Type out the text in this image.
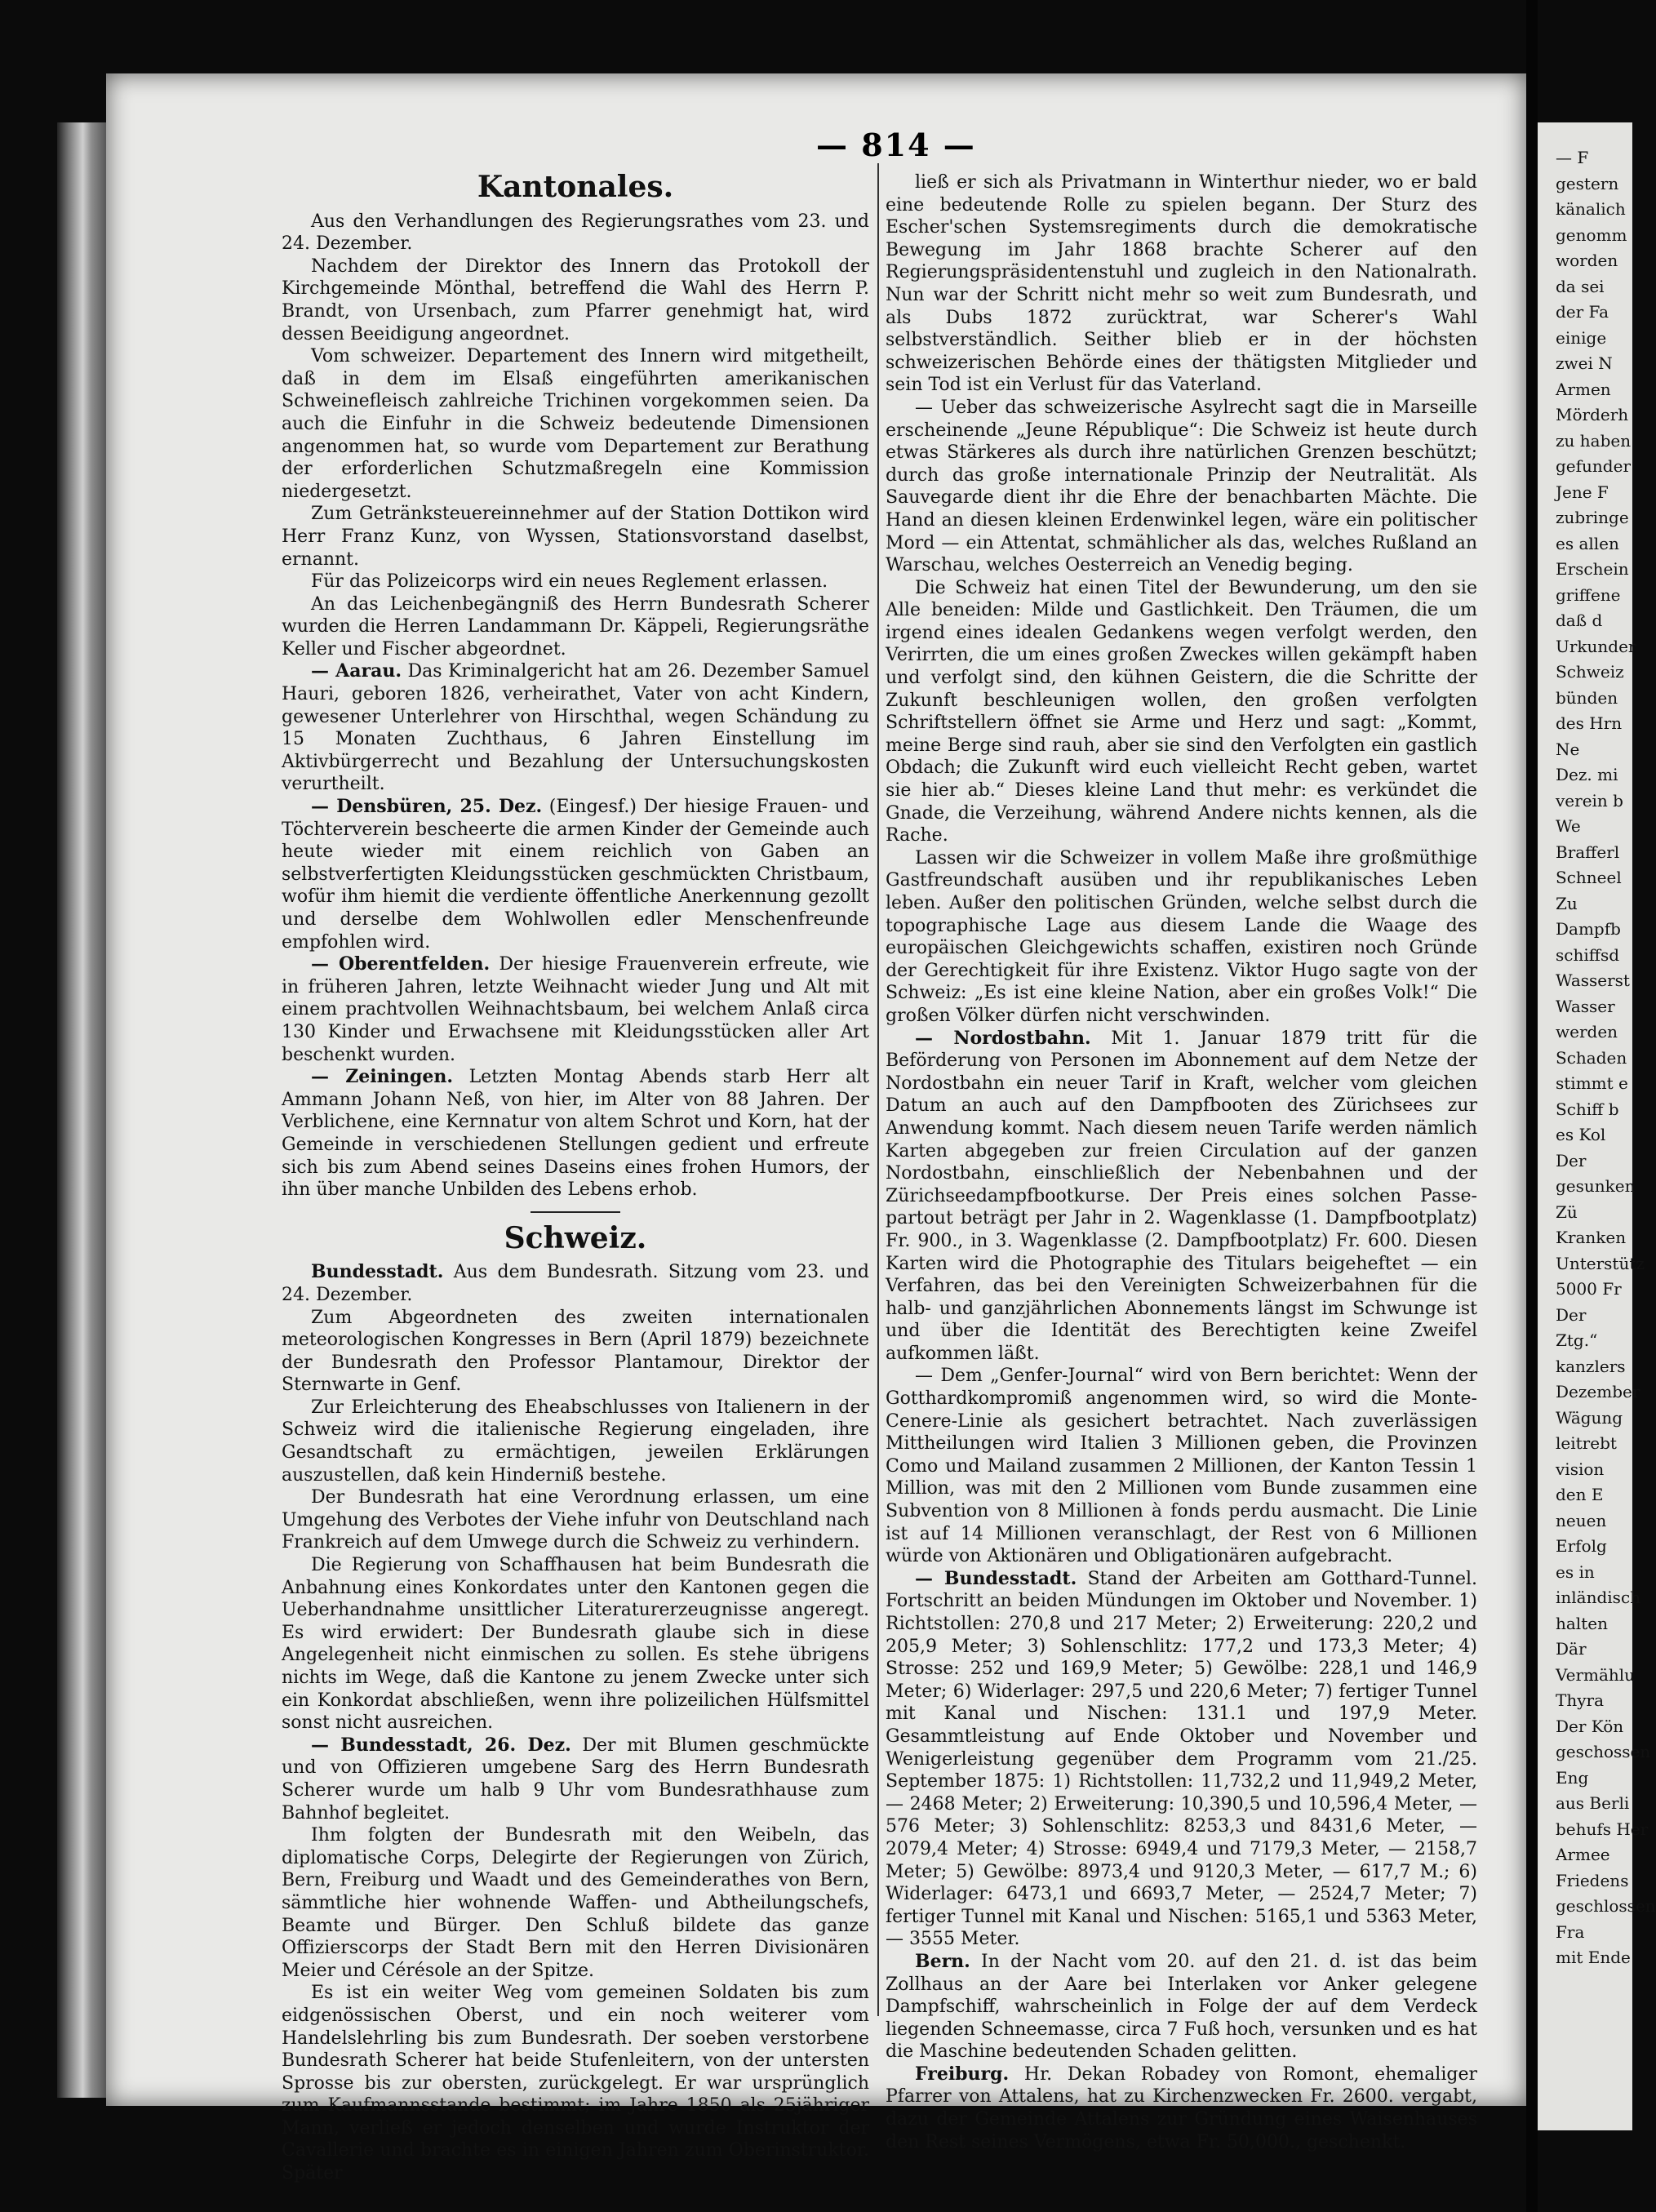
— 814 —
Kantonales.

Aus den Verhandlungen des Regierungsrathes vom 23. und 24. Dezember.

Nachdem der Direktor des Innern das Protokoll der Kirchgemeinde Mönthal, betreffend die Wahl des Herrn P. Brandt, von Ursenbach, zum Pfarrer genehmigt hat, wird dessen Beeidigung angeordnet.

Vom schweizer. Departement des Innern wird mitgetheilt, daß in dem im Elsaß eingeführten amerikanischen Schweinefleisch zahlreiche Trichinen vorgekommen seien. Da auch die Einfuhr in die Schweiz bedeutende Dimensionen angenommen hat, so wurde vom Departement zur Berathung der erforderlichen Schutzmaßregeln eine Kommission niedergesetzt.

Zum Getränksteuereinnehmer auf der Station Dottikon wird Herr Franz Kunz, von Wyssen, Stationsvorstand daselbst, ernannt.

Für das Polizeicorps wird ein neues Reglement erlassen.

An das Leichenbegängniß des Herrn Bundesrath Scherer wurden die Herren Landammann Dr. Käppeli, Regierungsräthe Keller und Fischer abgeordnet.

— Aarau. Das Kriminalgericht hat am 26. Dezember Samuel Hauri, geboren 1826, verheirathet, Vater von acht Kindern, gewesener Unterlehrer von Hirschthal, wegen Schändung zu 15 Monaten Zuchthaus, 6 Jahren Einstellung im Aktivbürgerrecht und Bezahlung der Untersuchungskosten verurtheilt.

— Densbüren, 25. Dez. (Eingesf.) Der hiesige Frauen- und Töchterverein bescheerte die armen Kinder der Gemeinde auch heute wieder mit einem reichlich von Gaben an selbstverfertigten Kleidungsstücken geschmückten Christbaum, wofür ihm hiemit die verdiente öffentliche Anerkennung gezollt und derselbe dem Wohlwollen edler Menschenfreunde empfohlen wird.

— Oberentfelden. Der hiesige Frauenverein erfreute, wie in früheren Jahren, letzte Weihnacht wieder Jung und Alt mit einem prachtvollen Weihnachtsbaum, bei welchem Anlaß circa 130 Kinder und Erwachsene mit Kleidungsstücken aller Art beschenkt wurden.

— Zeiningen. Letzten Montag Abends starb Herr alt Ammann Johann Neß, von hier, im Alter von 88 Jahren. Der Verblichene, eine Kernnatur von altem Schrot und Korn, hat der Gemeinde in verschiedenen Stellungen gedient und erfreute sich bis zum Abend seines Daseins eines frohen Humors, der ihn über manche Unbilden des Lebens erhob.

Schweiz.

Bundesstadt. Aus dem Bundesrath. Sitzung vom 23. und 24. Dezember.

Zum Abgeordneten des zweiten internationalen meteorologischen Kongresses in Bern (April 1879) bezeichnete der Bundesrath den Professor Plantamour, Direktor der Sternwarte in Genf.

Zur Erleichterung des Eheabschlusses von Italienern in der Schweiz wird die italienische Regierung eingeladen, ihre Gesandtschaft zu ermächtigen, jeweilen Erklärungen auszustellen, daß kein Hinderniß bestehe.

Der Bundesrath hat eine Verordnung erlassen, um eine Umgehung des Verbotes der Viehe infuhr von Deutschland nach Frankreich auf dem Umwege durch die Schweiz zu verhindern.

Die Regierung von Schaffhausen hat beim Bundesrath die Anbahnung eines Konkordates unter den Kantonen gegen die Ueberhandnahme unsittlicher Literaturerzeugnisse angeregt. Es wird erwidert: Der Bundesrath glaube sich in diese Angelegenheit nicht einmischen zu sollen. Es stehe übrigens nichts im Wege, daß die Kantone zu jenem Zwecke unter sich ein Konkordat abschließen, wenn ihre polizeilichen Hülfsmittel sonst nicht ausreichen.

— Bundesstadt, 26. Dez. Der mit Blumen geschmückte und von Offizieren umgebene Sarg des Herrn Bundesrath Scherer wurde um halb 9 Uhr vom Bundesrathhause zum Bahnhof begleitet.

Ihm folgten der Bundesrath mit den Weibeln, das diplomatische Corps, Delegirte der Regierungen von Zürich, Bern, Freiburg und Waadt und des Gemeinderathes von Bern, sämmtliche hier wohnende Waffen- und Abtheilungschefs, Beamte und Bürger. Den Schluß bildete das ganze Offizierscorps der Stadt Bern mit den Herren Divisionären Meier und Cérésole an der Spitze.

Es ist ein weiter Weg vom gemeinen Soldaten bis zum eidgenössischen Oberst, und ein noch weiterer vom Handelslehrling bis zum Bundesrath. Der soeben verstorbene Bundesrath Scherer hat beide Stufenleitern, von der untersten Sprosse bis zur obersten, zurückgelegt. Er war ursprünglich zum Kaufmannsstande bestimmt; im Jahre 1850 als 25jähriger Mann, verließ er jedoch denselben und wurde Instruktor der Cavallerie und brachte es in einigen Jahren zum Oberinstruktor. Später

ließ er sich als Privatmann in Winterthur nieder, wo er bald eine bedeutende Rolle zu spielen begann. Der Sturz des Escher'schen Systemsregiments durch die demokratische Bewegung im Jahr 1868 brachte Scherer auf den Regierungspräsidentenstuhl und zugleich in den Nationalrath. Nun war der Schritt nicht mehr so weit zum Bundesrath, und als Dubs 1872 zurücktrat, war Scherer's Wahl selbstverständlich. Seither blieb er in der höchsten schweizerischen Behörde eines der thätigsten Mitglieder und sein Tod ist ein Verlust für das Vaterland.

— Ueber das schweizerische Asylrecht sagt die in Marseille erscheinende „Jeune République“: Die Schweiz ist heute durch etwas Stärkeres als durch ihre natürlichen Grenzen beschützt; durch das große internationale Prinzip der Neutralität. Als Sauvegarde dient ihr die Ehre der benachbarten Mächte. Die Hand an diesen kleinen Erdenwinkel legen, wäre ein politischer Mord — ein Attentat, schmählicher als das, welches Rußland an Warschau, welches Oesterreich an Venedig beging.

Die Schweiz hat einen Titel der Bewunderung, um den sie Alle beneiden: Milde und Gastlichkeit. Den Träumen, die um irgend eines idealen Gedankens wegen verfolgt werden, den Verirrten, die um eines großen Zweckes willen gekämpft haben und verfolgt sind, den kühnen Geistern, die die Schritte der Zukunft beschleunigen wollen, den großen verfolgten Schriftstellern öffnet sie Arme und Herz und sagt: „Kommt, meine Berge sind rauh, aber sie sind den Verfolgten ein gastlich Obdach; die Zukunft wird euch vielleicht Recht geben, wartet sie hier ab.“ Dieses kleine Land thut mehr: es verkündet die Gnade, die Verzeihung, während Andere nichts kennen, als die Rache.

Lassen wir die Schweizer in vollem Maße ihre großmüthige Gastfreundschaft ausüben und ihr republikanisches Leben leben. Außer den politischen Gründen, welche selbst durch die topographische Lage aus diesem Lande die Waage des europäischen Gleichgewichts schaffen, existiren noch Gründe der Gerechtigkeit für ihre Existenz. Viktor Hugo sagte von der Schweiz: „Es ist eine kleine Nation, aber ein großes Volk!“ Die großen Völker dürfen nicht verschwinden.

— Nordostbahn. Mit 1. Januar 1879 tritt für die Beförderung von Personen im Abonnement auf dem Netze der Nordostbahn ein neuer Tarif in Kraft, welcher vom gleichen Datum an auch auf den Dampfbooten des Zürichsees zur Anwendung kommt. Nach diesem neuen Tarife werden nämlich Karten abgegeben zur freien Circulation auf der ganzen Nordostbahn, einschließlich der Nebenbahnen und der Zürichseedampfbootkurse. Der Preis eines solchen Passe-partout beträgt per Jahr in 2. Wagenklasse (1. Dampfbootplatz) Fr. 900., in 3. Wagenklasse (2. Dampfbootplatz) Fr. 600. Diesen Karten wird die Photographie des Titulars beigeheftet — ein Verfahren, das bei den Vereinigten Schweizerbahnen für die halb- und ganzjährlichen Abonnements längst im Schwunge ist und über die Identität des Berechtigten keine Zweifel aufkommen läßt.

— Dem „Genfer-Journal“ wird von Bern berichtet: Wenn der Gotthardkompromiß angenommen wird, so wird die Monte-Cenere-Linie als gesichert betrachtet. Nach zuverlässigen Mittheilungen wird Italien 3 Millionen geben, die Provinzen Como und Mailand zusammen 2 Millionen, der Kanton Tessin 1 Million, was mit den 2 Millionen vom Bunde zusammen eine Subvention von 8 Millionen à fonds perdu ausmacht. Die Linie ist auf 14 Millionen veranschlagt, der Rest von 6 Millionen würde von Aktionären und Obligationären aufgebracht.

— Bundesstadt. Stand der Arbeiten am Gotthard-Tunnel. Fortschritt an beiden Mündungen im Oktober und November. 1) Richtstollen: 270,8 und 217 Meter; 2) Erweiterung: 220,2 und 205,9 Meter; 3) Sohlenschlitz: 177,2 und 173,3 Meter; 4) Strosse: 252 und 169,9 Meter; 5) Gewölbe: 228,1 und 146,9 Meter; 6) Widerlager: 297,5 und 220,6 Meter; 7) fertiger Tunnel mit Kanal und Nischen: 131.1 und 197,9 Meter. Gesammtleistung auf Ende Oktober und November und Wenigerleistung gegenüber dem Programm vom 21./25. September 1875: 1) Richtstollen: 11,732,2 und 11,949,2 Meter, — 2468 Meter; 2) Erweiterung: 10,390,5 und 10,596,4 Meter, — 576 Meter; 3) Sohlenschlitz: 8253,3 und 8431,6 Meter, — 2079,4 Meter; 4) Strosse: 6949,4 und 7179,3 Meter, — 2158,7 Meter; 5) Gewölbe: 8973,4 und 9120,3 Meter, — 617,7 M.; 6) Widerlager: 6473,1 und 6693,7 Meter, — 2524,7 Meter; 7) fertiger Tunnel mit Kanal und Nischen: 5165,1 und 5363 Meter, — 3555 Meter.

Bern. In der Nacht vom 20. auf den 21. d. ist das beim Zollhaus an der Aare bei Interlaken vor Anker gelegene Dampfschiff, wahrscheinlich in Folge der auf dem Verdeck liegenden Schneemasse, circa 7 Fuß hoch, versunken und es hat die Maschine bedeutenden Schaden gelitten.

Freiburg. Hr. Dekan Robadey von Romont, ehemaliger Pfarrer von Attalens, hat zu Kirchenzwecken Fr. 2600. vergabt, dazu der Gemeinde Attalens zur Gründung eines Waisenhauses den Rest seines Vermögens, etwa Fr. 50,000., geschenkt.

— F
gestern
känalich
genomm
worden
da sei
der Fa
einige
zwei N
Armen
Mörderh
zu haben
gefunder
Jene F
zubringe
es allen
Erschein
griffene
daß d
Urkunder
Schweiz
bünden
des Hrn
Ne
Dez. mi
verein b
We
Brafferl
Schneel
Zu
Dampfb
schiffsd
Wasserst
Wasser
werden
Schaden
stimmt e
Schiff b
es Kol
Der
gesunken
Zü
Kranken
Unterstütz
5000 Fr
Der
Ztg.“
kanzlers
Dezember
Wägung
leitrebt
vision
den E
neuen
Erfolg
es in
inländisch
halten
Där
Vermählu
Thyra
Der Kön
geschossen
Eng
aus Berli
behufs Her
Armee
Friedens
geschlossen
Fra
mit Ende
